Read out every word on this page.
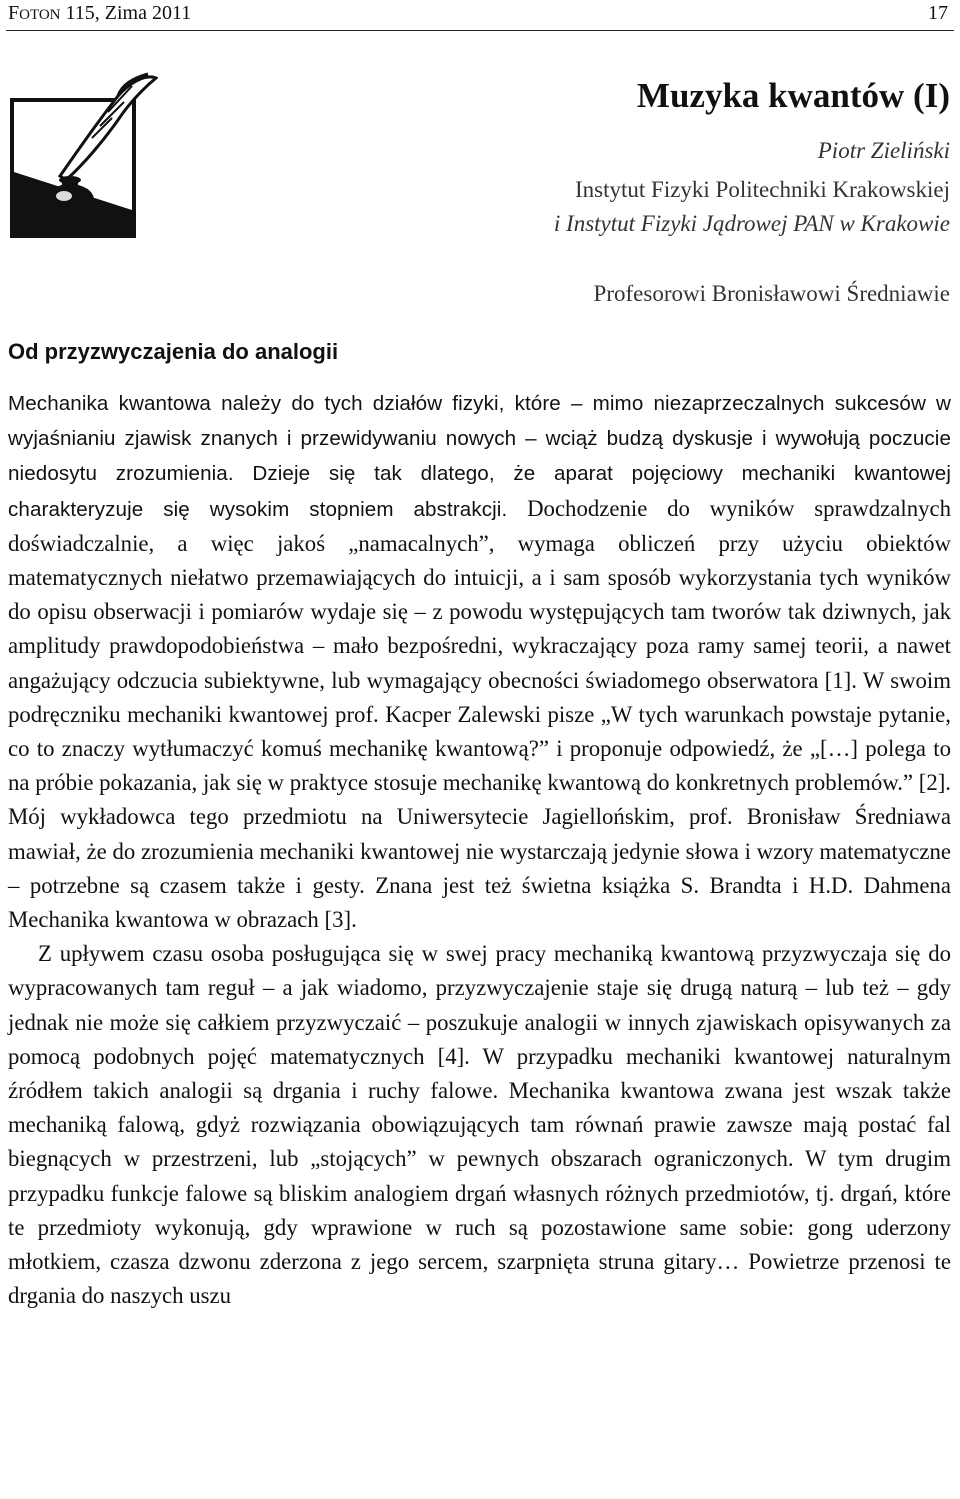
FOTON 115, Zima 2011	17
Muzyka kwantów (I)
Piotr Zieliński
Instytut Fizyki Politechniki Krakowskiej
i Instytut Fizyki Jądrowej PAN w Krakowie
Profesorowi Bronisławowi Średniawie
Od przyzwyczajenia do analogii

Mechanika kwantowa należy do tych działów fizyki, które – mimo niezaprzeczalnych sukcesów w wyjaśnianiu zjawisk znanych i przewidywaniu nowych – wciąż budzą dyskusje i wywołują poczucie niedosytu zrozumienia. Dzieje się tak dlatego, że aparat pojęciowy mechaniki kwantowej charakteryzuje się wysokim stopniem abstrakcji. Dochodzenie do wyników sprawdzalnych doświadczalnie, a więc jakoś „namacalnych”, wymaga obliczeń przy użyciu obiektów matematycznych niełatwo przemawiających do intuicji, a i sam sposób wykorzystania tych wyników do opisu obserwacji i pomiarów wydaje się – z powodu występujących tam tworów tak dziwnych, jak amplitudy prawdopodobieństwa – mało bezpośredni, wykraczający poza ramy samej teorii, a nawet angażujący odczucia subiektywne, lub wymagający obecności świadomego obserwatora [1]. W swoim podręczniku mechaniki kwantowej prof. Kacper Zalewski pisze „W tych warunkach powstaje pytanie, co to znaczy wytłumaczyć komuś mechanikę kwantową?” i proponuje odpowiedź, że „[…] polega to na próbie pokazania, jak się w praktyce stosuje mechanikę kwantową do konkretnych problemów.” [2]. Mój wykładowca tego przedmiotu na Uniwersytecie Jagiellońskim, prof. Bronisław Średniawa mawiał, że do zrozumienia mechaniki kwantowej nie wystarczają jedynie słowa i wzory matematyczne – potrzebne są czasem także i gesty. Znana jest też świetna książka S. Brandta i H.D. Dahmena Mechanika kwantowa w obrazach [3].

Z upływem czasu osoba posługująca się w swej pracy mechaniką kwantową przyzwyczaja się do wypracowanych tam reguł – a jak wiadomo, przyzwyczajenie staje się drugą naturą – lub też – gdy jednak nie może się całkiem przyzwyczaić – poszukuje analogii w innych zjawiskach opisywanych za pomocą podobnych pojęć matematycznych [4]. W przypadku mechaniki kwantowej naturalnym źródłem takich analogii są drgania i ruchy falowe. Mechanika kwantowa zwana jest wszak także mechaniką falową, gdyż rozwiązania obowiązujących tam równań prawie zawsze mają postać fal biegnących w przestrzeni, lub „stojących” w pewnych obszarach ograniczonych. W tym drugim przypadku funkcje falowe są bliskim analogiem drgań własnych różnych przedmiotów, tj. drgań, które te przedmioty wykonują, gdy wprawione w ruch są pozostawione same sobie: gong uderzony młotkiem, czasza dzwonu zderzona z jego sercem, szarpnięta struna gitary… Powietrze przenosi te drgania do naszych uszu
